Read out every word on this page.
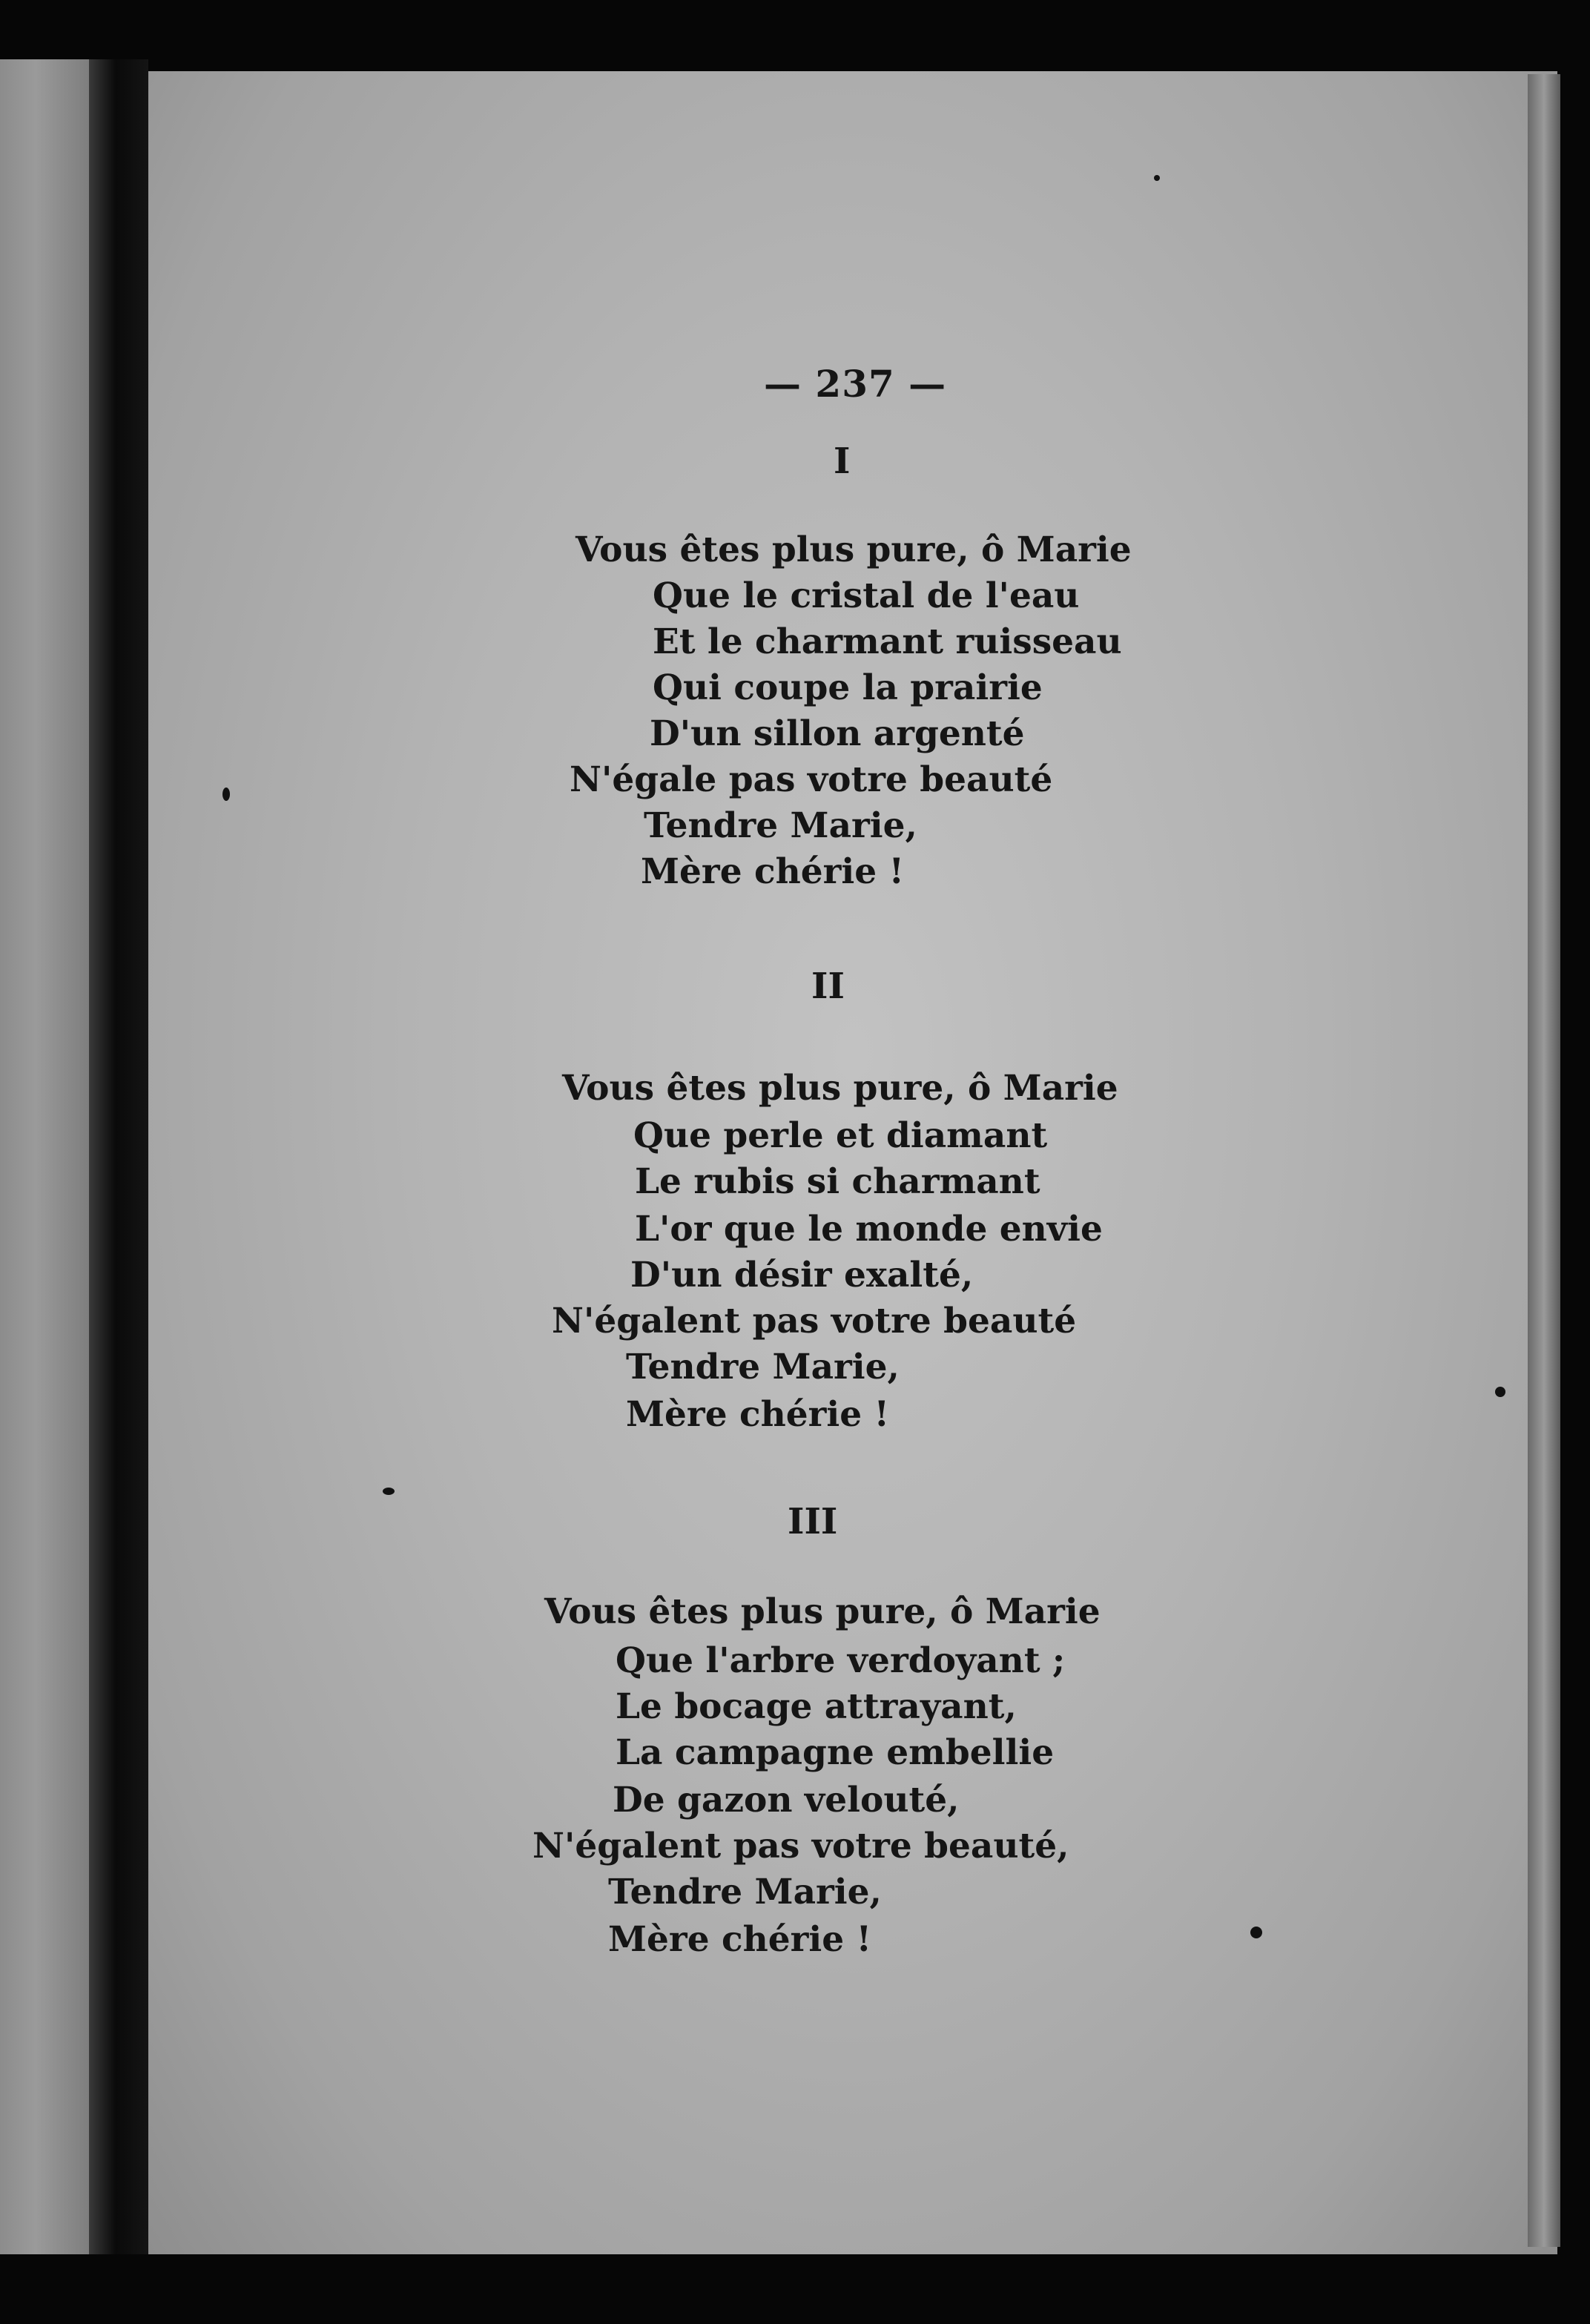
— 237 —
I
Vous êtes plus pure, ô Marie
Que le cristal de l'eau
Et le charmant ruisseau
Qui coupe la prairie
D'un sillon argenté
N'égale pas votre beauté
Tendre Marie,
Mère chérie !
II
Vous êtes plus pure, ô Marie
Que perle et diamant
Le rubis si charmant
L'or que le monde envie
D'un désir exalté,
N'égalent pas votre beauté
Tendre Marie,
Mère chérie !
III
Vous êtes plus pure, ô Marie
Que l'arbre verdoyant ;
Le bocage attrayant,
La campagne embellie
De gazon velouté,
N'égalent pas votre beauté,
Tendre Marie,
Mère chérie !
